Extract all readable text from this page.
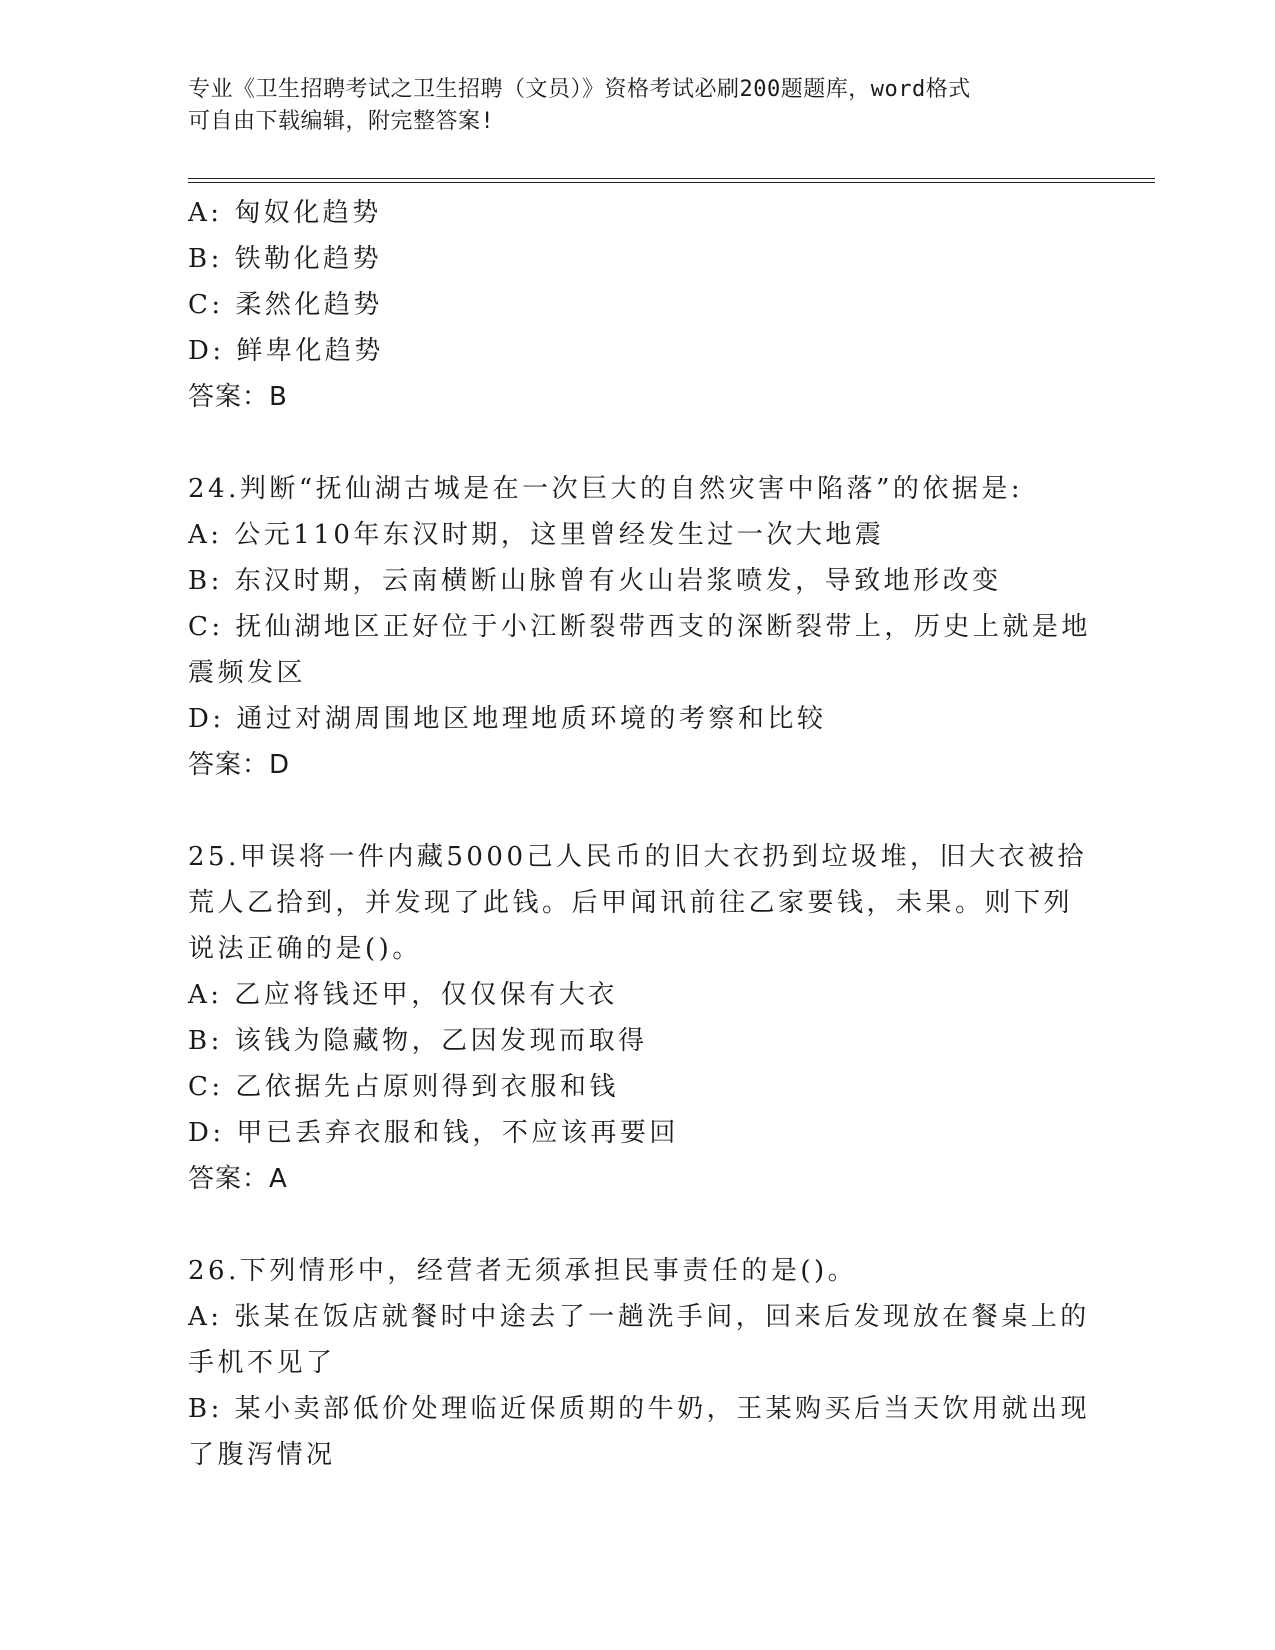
专业《卫生招聘考试之卫生招聘（文员）》资格考试必刷200题题库，word格式
可自由下载编辑，附完整答案!
A: 匈奴化趋势
B: 铁勒化趋势
C: 柔然化趋势
D: 鲜卑化趋势
答案：B
24.判断“抚仙湖古城是在一次巨大的自然灾害中陷落”的依据是:
A: 公元110年东汉时期，这里曾经发生过一次大地震
B: 东汉时期，云南横断山脉曾有火山岩浆喷发，导致地形改变
C: 抚仙湖地区正好位于小江断裂带西支的深断裂带上，历史上就是地
震频发区
D: 通过对湖周围地区地理地质环境的考察和比较
答案：D
25.甲误将一件内藏5000己人民币的旧大衣扔到垃圾堆，旧大衣被拾
荒人乙拾到，并发现了此钱。后甲闻讯前往乙家要钱，未果。则下列
说法正确的是()。
A: 乙应将钱还甲，仅仅保有大衣
B: 该钱为隐藏物，乙因发现而取得
C: 乙依据先占原则得到衣服和钱
D: 甲已丢弃衣服和钱，不应该再要回
答案：A
26.下列情形中，经营者无须承担民事责任的是()。
A: 张某在饭店就餐时中途去了一趟洗手间，回来后发现放在餐桌上的
手机不见了
B: 某小卖部低价处理临近保质期的牛奶，王某购买后当天饮用就出现
了腹泻情况
